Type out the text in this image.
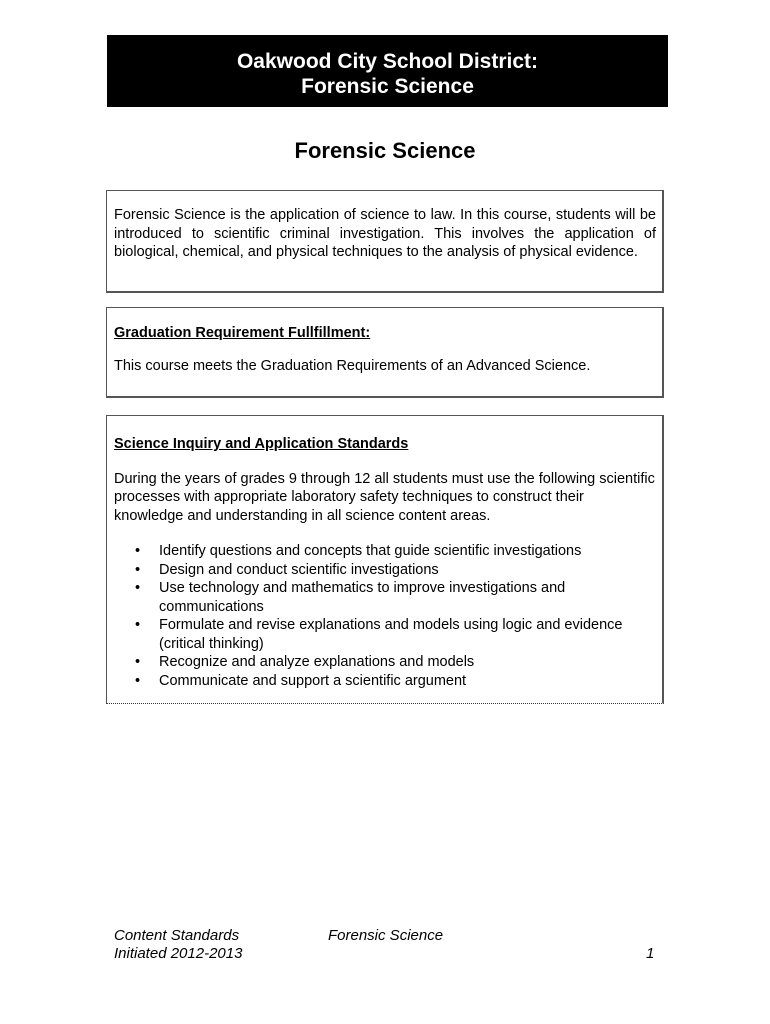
Oakwood City School District:
Forensic Science
Forensic Science

Forensic Science is the application of science to law. In this course, students will be introduced to scientific criminal investigation. This involves the application of biological, chemical, and physical techniques to the analysis of physical evidence.

Graduation Requirement Fullfillment:

This course meets the Graduation Requirements of an Advanced Science.

Science Inquiry and Application Standards

During the years of grades 9 through 12 all students must use the following scientific processes with appropriate laboratory safety techniques to construct their knowledge and understanding in all science content areas.

• Identify questions and concepts that guide scientific investigations
• Design and conduct scientific investigations
• Use technology and mathematics to improve investigations and communications
• Formulate and revise explanations and models using logic and evidence (critical thinking)
• Recognize and analyze explanations and models
• Communicate and support a scientific argument
Content Standards
Initiated 2012-2013
Forensic Science
1
